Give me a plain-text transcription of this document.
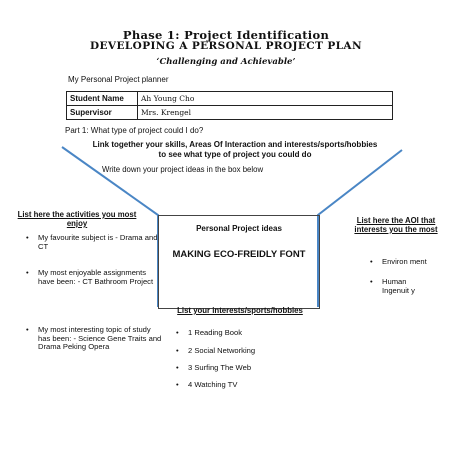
Phase 1: Project Identification
DEVELOPING A PERSONAL PROJECT PLAN
‘Challenging and Achievable’
My Personal Project planner
Student Name	Ah Young Cho
Supervisor	Mrs. Krengel
Part 1: What type of project could I do?
Link together your skills, Areas Of Interaction and interests/sports/hobbies to see what type of project you could do
Write down your project ideas in the box below
List here the activities you most enjoy
• My favourite subject is - Drama and CT
• My most enjoyable assignments have been: - CT Bathroom Project
• My most interesting topic of study has been: - Science Gene Traits and Drama Peking Opera
Personal Project ideas
MAKING ECO-FREIDLY FONT
List here the AOI that interests you the most
• Environ ment
• Human Ingenuit y
List your interests/sports/hobbies
• 1 Reading Book
• 2 Social Networking
• 3 Surfing The Web
• 4 Watching TV
